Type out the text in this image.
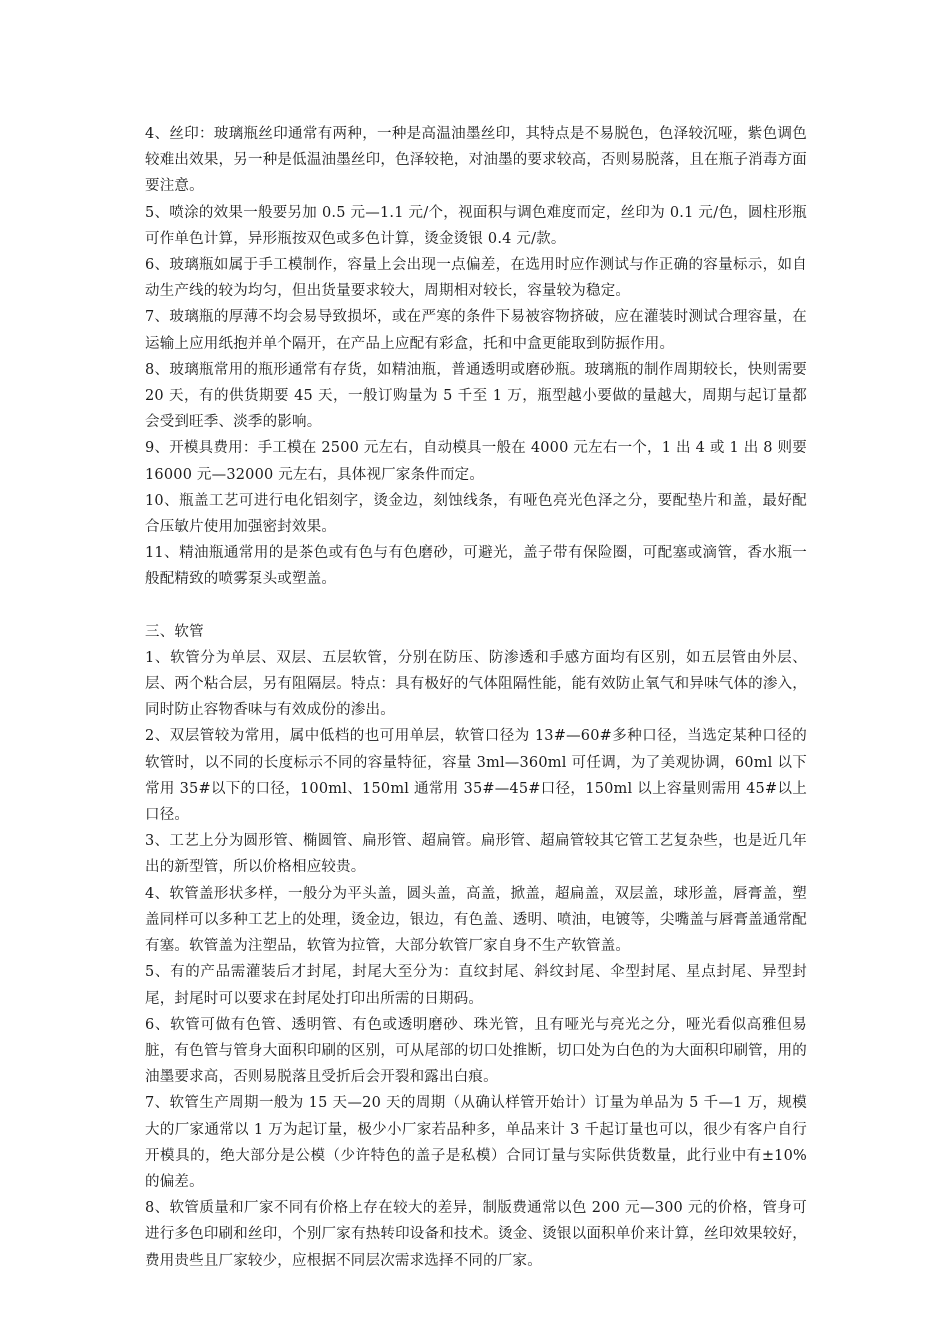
4、丝印：玻璃瓶丝印通常有两种，一种是高温油墨丝印，其特点是不易脱色，色泽较沉哑，紫色调色较难出效果，另一种是低温油墨丝印，色泽较艳，对油墨的要求较高，否则易脱落，且在瓶子消毒方面要注意。

5、喷涂的效果一般要另加 0.5 元—1.1 元/个，视面积与调色难度而定，丝印为 0.1 元/色，圆柱形瓶可作单色计算，异形瓶按双色或多色计算，烫金烫银 0.4 元/款。

6、玻璃瓶如属于手工模制作，容量上会出现一点偏差，在选用时应作测试与作正确的容量标示，如自动生产线的较为均匀，但出货量要求较大，周期相对较长，容量较为稳定。

7、玻璃瓶的厚薄不均会易导致损坏，或在严寒的条件下易被容物挤破，应在灌装时测试合理容量，在运输上应用纸抱并单个隔开，在产品上应配有彩盒，托和中盒更能取到防振作用。

8、玻璃瓶常用的瓶形通常有存货，如精油瓶，普通透明或磨砂瓶。玻璃瓶的制作周期较长，快则需要 20 天，有的供货期要 45 天，一般订购量为 5 千至 1 万，瓶型越小要做的量越大，周期与起订量都会受到旺季、淡季的影响。

9、开模具费用：手工模在 2500 元左右，自动模具一般在 4000 元左右一个，1 出 4 或 1 出 8 则要 16000 元—32000 元左右，具体视厂家条件而定。

10、瓶盖工艺可进行电化铝刻字，烫金边，刻蚀线条，有哑色亮光色泽之分，要配垫片和盖，最好配合压敏片使用加强密封效果。

11、精油瓶通常用的是茶色或有色与有色磨砂，可避光，盖子带有保险圈，可配塞或滴管，香水瓶一般配精致的喷雾泵头或塑盖。

三、软管

1、软管分为单层、双层、五层软管，分别在防压、防渗透和手感方面均有区别，如五层管由外层、层、两个粘合层，另有阻隔层。特点：具有极好的气体阻隔性能，能有效防止氧气和异味气体的渗入，同时防止容物香味与有效成份的渗出。

2、双层管较为常用，属中低档的也可用单层，软管口径为 13#—60#多种口径，当选定某种口径的软管时，以不同的长度标示不同的容量特征，容量 3ml—360ml 可任调，为了美观协调，60ml 以下常用 35#以下的口径，100ml、150ml 通常用 35#—45#口径，150ml 以上容量则需用 45#以上口径。

3、工艺上分为圆形管、椭圆管、扁形管、超扁管。扁形管、超扁管较其它管工艺复杂些，也是近几年出的新型管，所以价格相应较贵。

4、软管盖形状多样，一般分为平头盖，圆头盖，高盖，掀盖，超扁盖，双层盖，球形盖，唇膏盖，塑盖同样可以多种工艺上的处理，烫金边，银边，有色盖、透明、喷油，电镀等，尖嘴盖与唇膏盖通常配有塞。软管盖为注塑品，软管为拉管，大部分软管厂家自身不生产软管盖。

5、有的产品需灌装后才封尾，封尾大至分为：直纹封尾、斜纹封尾、伞型封尾、星点封尾、异型封尾，封尾时可以要求在封尾处打印出所需的日期码。

6、软管可做有色管、透明管、有色或透明磨砂、珠光管，且有哑光与亮光之分，哑光看似高雅但易脏，有色管与管身大面积印刷的区别，可从尾部的切口处推断，切口处为白色的为大面积印刷管，用的油墨要求高，否则易脱落且受折后会开裂和露出白痕。

7、软管生产周期一般为 15 天—20 天的周期（从确认样管开始计）订量为单品为 5 千—1 万，规模大的厂家通常以 1 万为起订量，极少小厂家若品种多，单品来计 3 千起订量也可以，很少有客户自行开模具的，绝大部分是公模（少许特色的盖子是私模）合同订量与实际供货数量，此行业中有±10% 的偏差。

8、软管质量和厂家不同有价格上存在较大的差异，制版费通常以色 200 元—300 元的价格，管身可进行多色印刷和丝印，个别厂家有热转印设备和技术。烫金、烫银以面积单价来计算，丝印效果较好，费用贵些且厂家较少，应根据不同层次需求选择不同的厂家。
